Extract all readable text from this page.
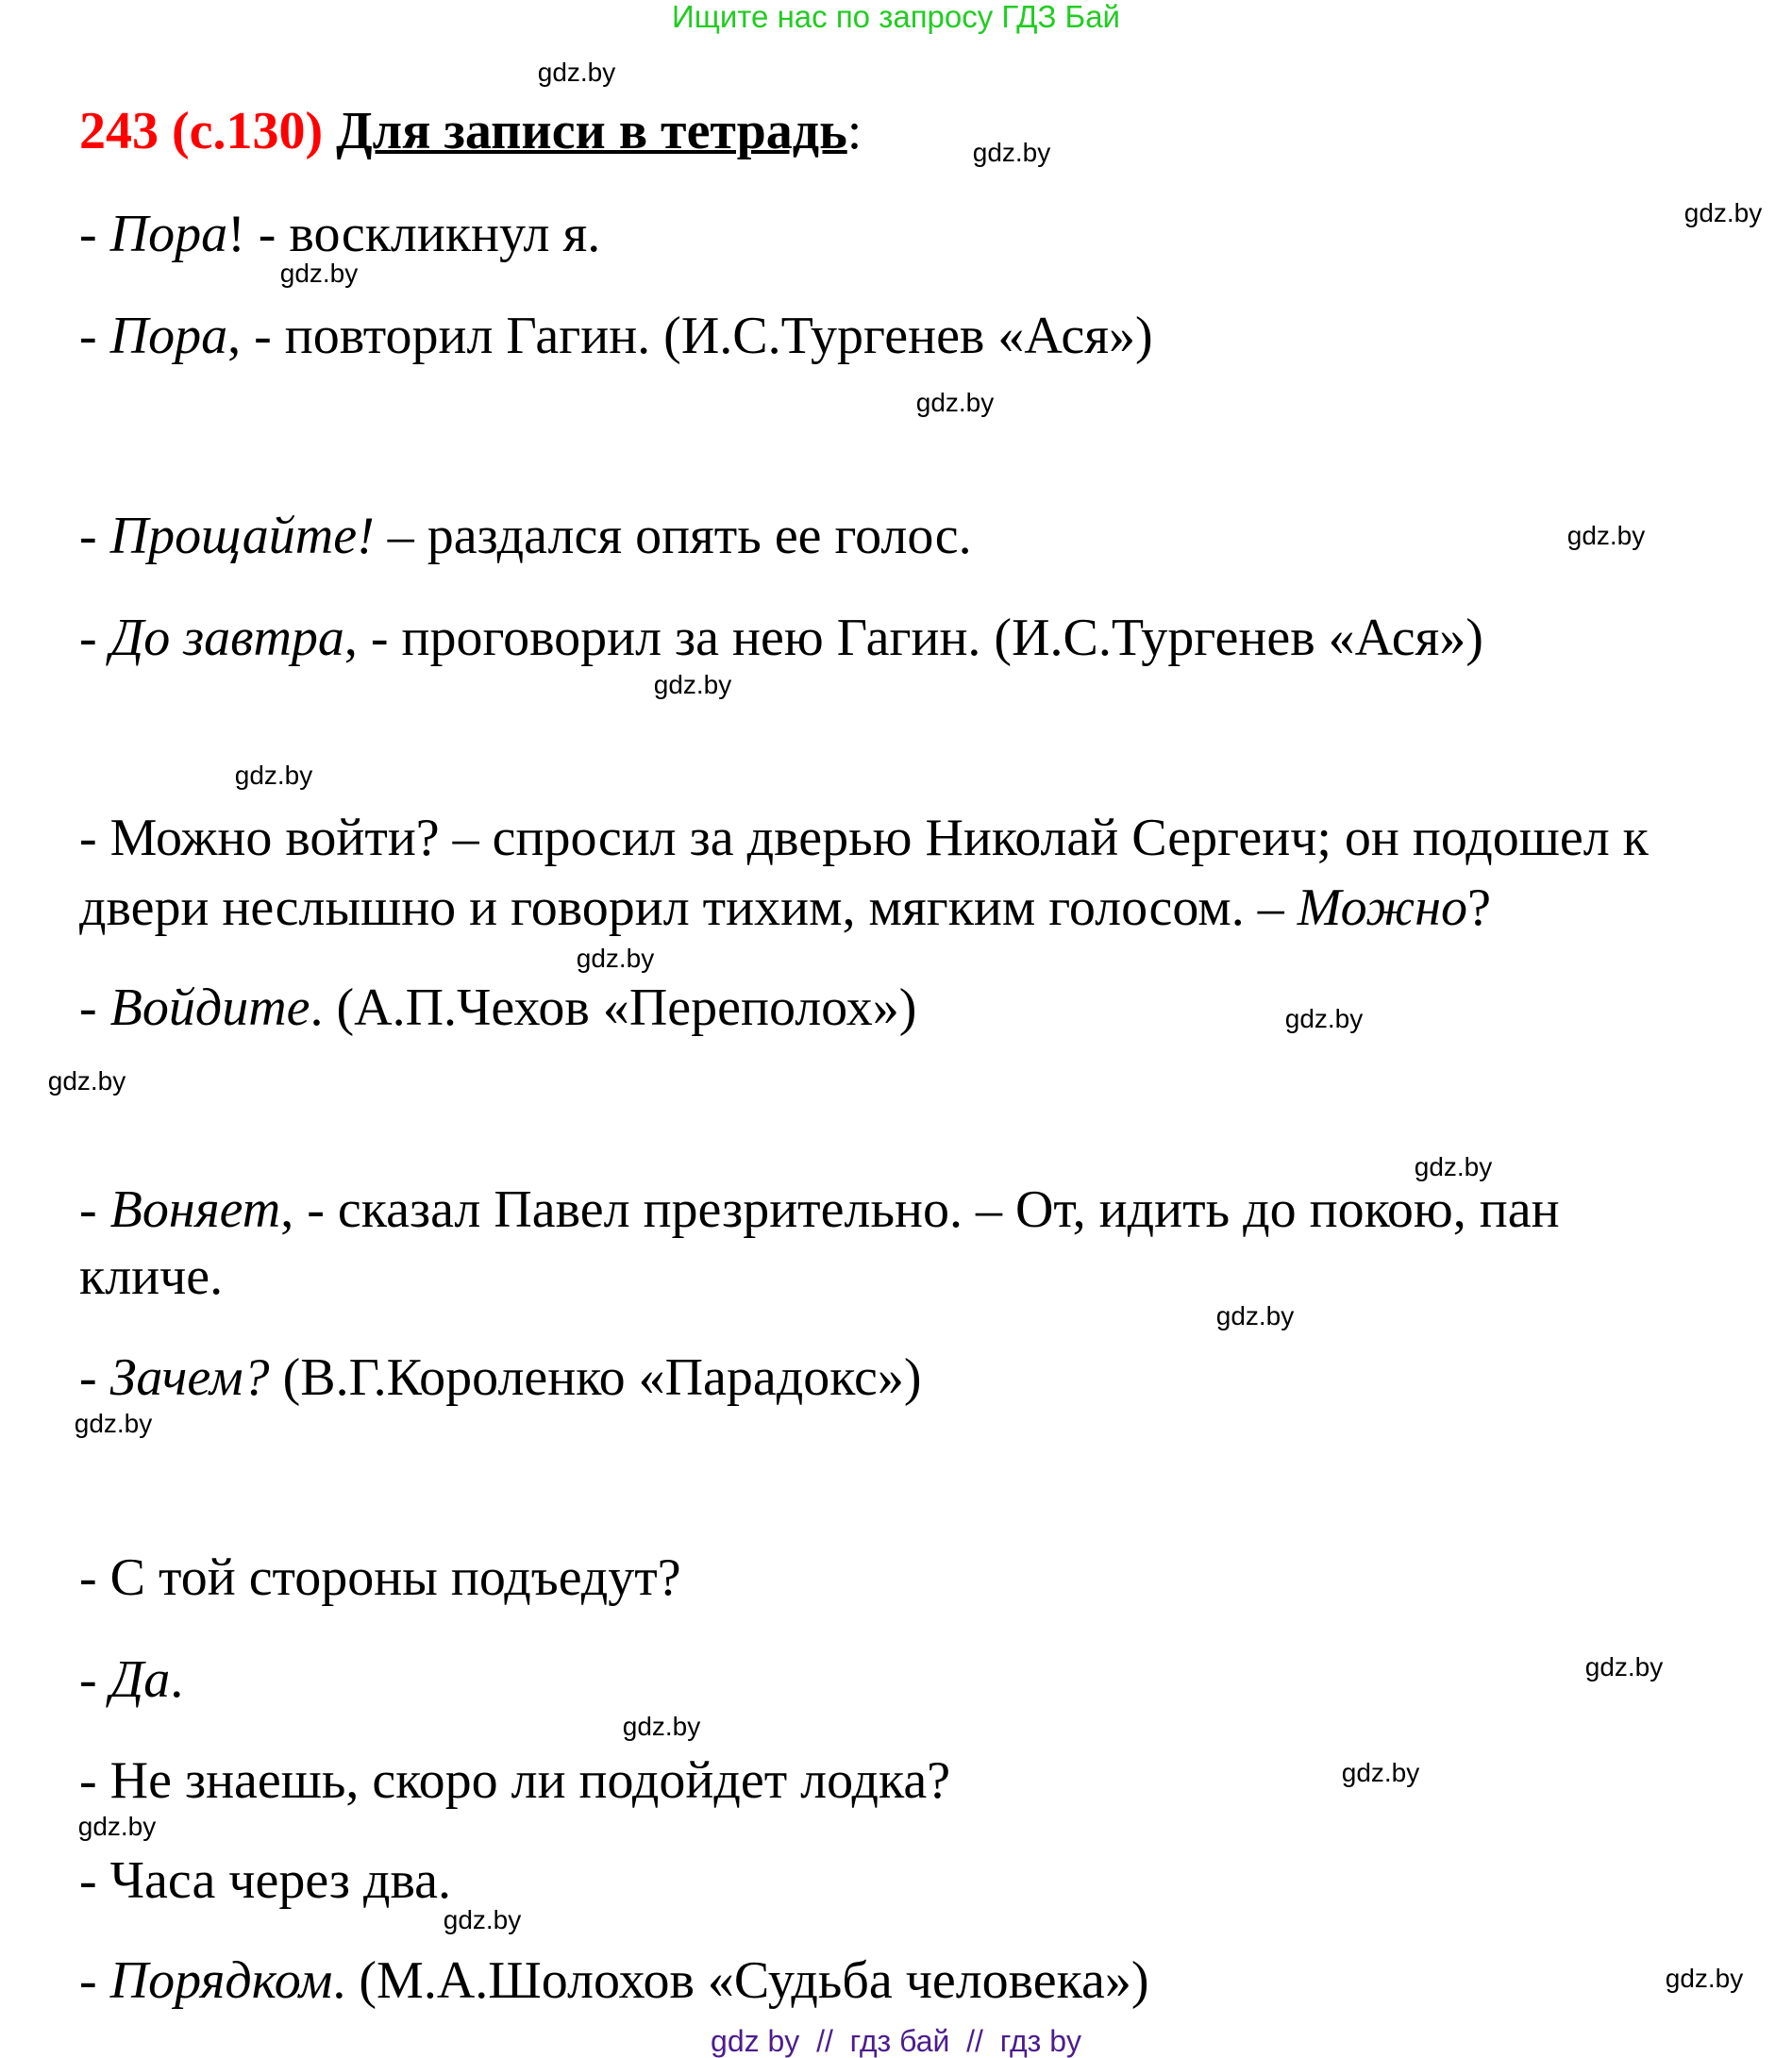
Ищите нас по запросу ГДЗ Бай
243 (с.130) Для записи в тетрадь:
- Пора! - воскликнул я.
- Пора, - повторил Гагин. (И.С.Тургенев «Ася»)
- Прощайте! – раздался опять ее голос.
- До завтра, - проговорил за нею Гагин. (И.С.Тургенев «Ася»)
- Можно войти? – спросил за дверью Николай Сергеич; он подошел к
двери неслышно и говорил тихим, мягким голосом. – Можно?
- Войдите. (А.П.Чехов «Переполох»)
- Воняет, - сказал Павел презрительно. – От, идить до покою, пан
кличе.
- Зачем? (В.Г.Короленко «Парадокс»)
- С той стороны подъедут?
- Да.
- Не знаешь, скоро ли подойдет лодка?
- Часа через два.
- Порядком. (М.А.Шолохов «Судьба человека»)
gdz.by
gdz.by
gdz.by
gdz.by
gdz.by
gdz.by
gdz.by
gdz.by
gdz.by
gdz.by
gdz.by
gdz.by
gdz.by
gdz.by
gdz.by
gdz.by
gdz.by
gdz.by
gdz.by
gdz.by
gdz by  //  гдз бай  //  гдз by
